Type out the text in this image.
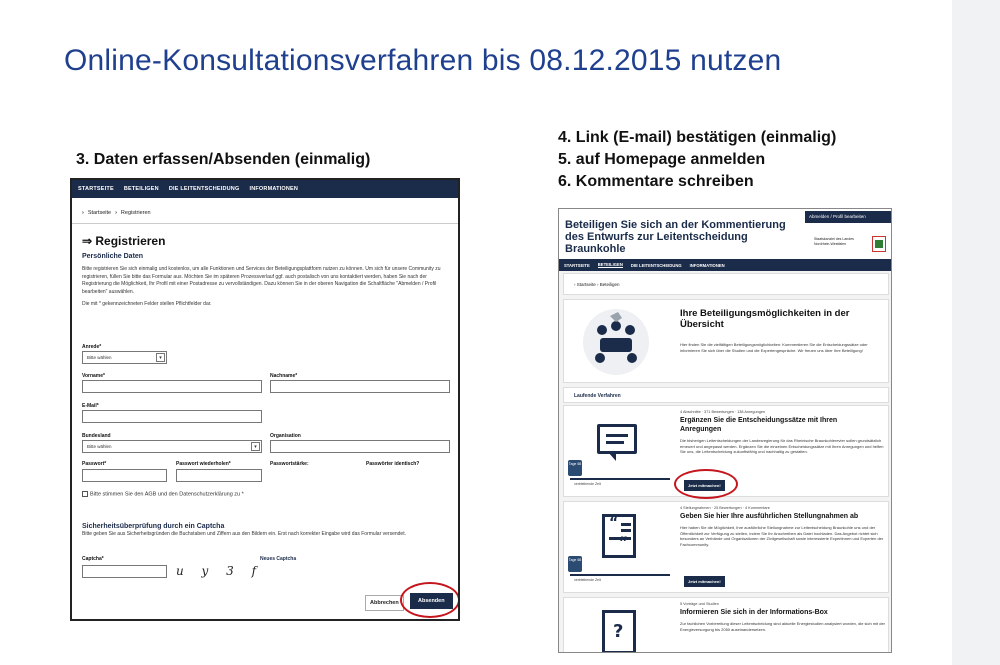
Online-Konsultationsverfahren bis 08.12.2015 nutzen
3. Daten erfassen/Absenden (einmalig)
4. Link (E-mail) bestätigen (einmalig)
5. auf Homepage anmelden
6. Kommentare schreiben
STARTSEITE BETEILIGEN DIE LEITENTSCHEIDUNG INFORMATIONEN
› Startseite › Registrieren
⇒ Registrieren
Persönliche Daten
Bitte registrieren Sie sich einmalig und kostenlos, um alle Funktionen und Services der Beteiligungsplattform nutzen zu können. Um sich für unsere Community zu registrieren, füllen Sie bitte das Formular aus. Möchten Sie im späteren Prozessverlauf ggf. auch postalisch von uns kontaktiert werden, haben Sie nach der Registrierung die Möglichkeit, Ihr Profil mit einer Postadresse zu vervollständigen. Dazu können Sie in der oberen Navigation die Schaltfläche "Abmelden / Profil bearbeiten" auswählen.
Die mit * gekennzeichneten Felder stellen Pflichtfelder dar.
Anrede*
Bitte wählen	▾
Vorname*	Nachname*
E-Mail*
Bundesland
Bitte wählen	▾
Organisation
Passwort*	Passwort wiederholen*	Passwortstärke:	Passwörter identisch?
Bitte stimmen Sie den AGB und den Datenschutzerklärung zu *
Sicherheitsüberprüfung durch ein Captcha
Bitte geben Sie aus Sicherheitsgründen die Buchstaben und Ziffern aus den Bildern ein. Erst nach korrekter Eingabe wird das Formular versendet.
Captcha*
u y 3 f
Neues Captcha
Abbrechen	Absenden
Beteiligen Sie sich an der Kommentierung des Entwurfs zur Leitentscheidung Braunkohle
Abmelden / Profil bearbeiten
Staatskanzlei des Landes Nordrhein-Westfalen
STARTSEITE BETEILIGEN DIE LEITENTSCHEIDUNG INFORMATIONEN
› Startseite › Beteiligen
Ihre Beteiligungsmöglichkeiten in der Übersicht
Hier finden Sie die vielfältigen Beteiligungsmöglichkeiten: Kommentieren Sie die Entscheidungssätze oder informieren Sie sich über die Studien und die Expertengespräche. Wir freuen uns über Ihre Beteiligung!
Laufende Verfahren
Tage 68
verbleibende Zeit
4 Abschnitte · 371 Bewertungen · 138 Anregungen
Ergänzen Sie die Entscheidungssätze mit Ihren Anregungen
Die bisherigen Leitentscheidungen der Landesregierung für das Rheinische Braunkohlerevier sollen grundsätzlich erneuert und angepasst werden. Ergänzen Sie die einzelnen Entscheidungssätze mit Ihren Anregungen und helfen Sie uns, die Leitentscheidung zukunftsfähig und nachhaltig zu gestalten.
Jetzt mitmachen!
“
”
Tage 68
verbleibende Zeit
4 Stellungnahmen · 25 Bewertungen · 4 Kommentare
Geben Sie hier Ihre ausführlichen Stellungnahmen ab
Hier haben Sie die Möglichkeit, Ihre ausführliche Stellungnahme zur Leitentscheidung Braunkohle uns und der Öffentlichkeit zur Verfügung zu stellen, indem Sie Ihr Anschreiben als Datei hochladen. Das Angebot richtet sich besonders an Verbände und Organisationen der Zivilgesellschaft sowie interessierte Expertinnen und Experten der Fachcommunity.
Jetzt mitmachen!
?
5 Vorträge und Studien
Informieren Sie sich in der Informations-Box
Zur fachlichen Vorbereitung dieser Leitentscheidung sind aktuelle Energiestudien analysiert worden, die sich mit der Energieversorgung bis 2050 auseinandersetzen.
